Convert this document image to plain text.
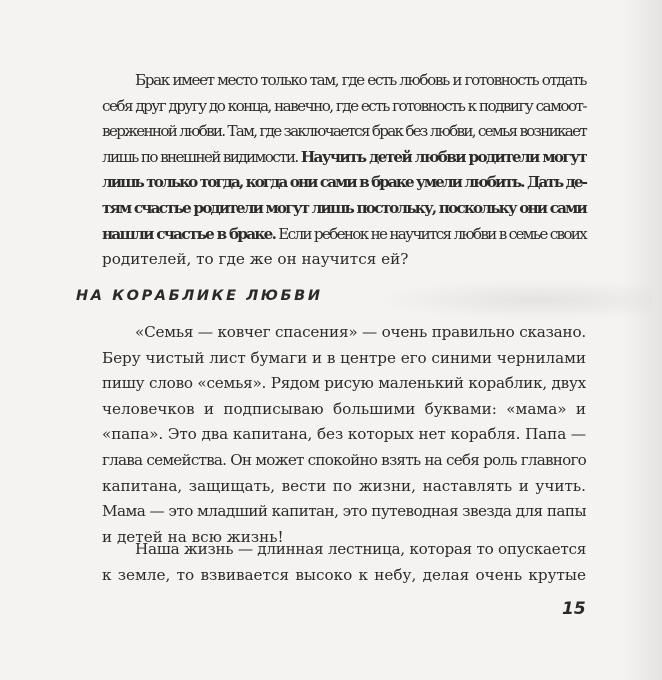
Брак имеет место только там, где есть любовь и готовность отдать
себя друг другу до конца, навечно, где есть готовность к подвигу самоот-
верженной любви. Там, где заключается брак без любви, семья возникает
лишь по внешней видимости. Научить детей любви родители могут
лишь только тогда, когда они сами в браке умели любить. Дать де-
тям счастье родители могут лишь постольку, поскольку они сами
нашли счастье в браке. Если ребенок не научится любви в семье своих
родителей, то где же он научится ей?
НА КОРАБЛИКЕ ЛЮБВИ
«Семья — ковчег спасения» — очень правильно сказано.
Беру чистый лист бумаги и в центре его синими чернилами
пишу слово «семья». Рядом рисую маленький кораблик, двух
человечков и подписываю большими буквами: «мама» и
«папа». Это два капитана, без которых нет корабля. Папа —
глава семейства. Он может спокойно взять на себя роль главного
капитана, защищать, вести по жизни, наставлять и учить.
Мама — это младший капитан, это путеводная звезда для папы
и детей на всю жизнь!
Наша жизнь — длинная лестница, которая то опускается
к земле, то взвивается высоко к небу, делая очень крутые
15
